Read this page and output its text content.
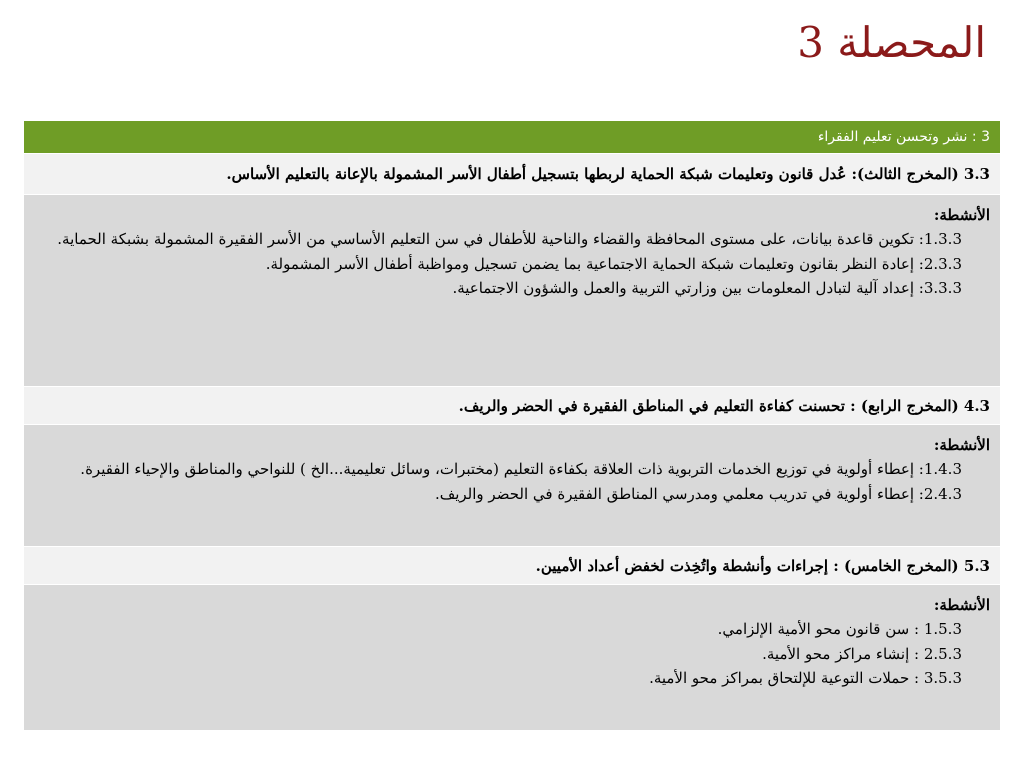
المحصلة 3
3 : نشر وتحسن تعليم الفقراء
3.3 (المخرج الثالث): عُدل قانون وتعليمات شبكة الحماية لربطها بتسجيل أطفال الأسر المشمولة بالإعانة بالتعليم الأساس.
الأنشطة:
1.3.3: تكوين قاعدة بيانات، على مستوى المحافظة والقضاء والناحية للأطفال في سن التعليم الأساسي من الأسر الفقيرة المشمولة بشبكة الحماية.
2.3.3: إعادة النظر بقانون وتعليمات شبكة الحماية الاجتماعية بما يضمن تسجيل ومواظبة أطفال الأسر المشمولة.
3.3.3: إعداد آلية لتبادل المعلومات بين وزارتي التربية والعمل والشؤون الاجتماعية.
4.3 (المخرج الرابع) : تحسنت كفاءة التعليم في المناطق الفقيرة في الحضر والريف.
الأنشطة:
1.4.3: إعطاء أولوية في توزيع الخدمات التربوية ذات العلاقة بكفاءة التعليم (مختبرات، وسائل تعليمية...الخ ) للنواحي والمناطق والإحياء الفقيرة.
2.4.3: إعطاء أولوية في تدريب معلمي ومدرسي المناطق الفقيرة في الحضر والريف.
5.3 (المخرج الخامس) : إجراءات وأنشطة واتُخِذت لخفض أعداد الأميين.
الأنشطة:
1.5.3 : سن قانون محو الأمية الإلزامي.
2.5.3 : إنشاء مراكز محو الأمية.
3.5.3 : حملات التوعية للإلتحاق بمراكز محو الأمية.
